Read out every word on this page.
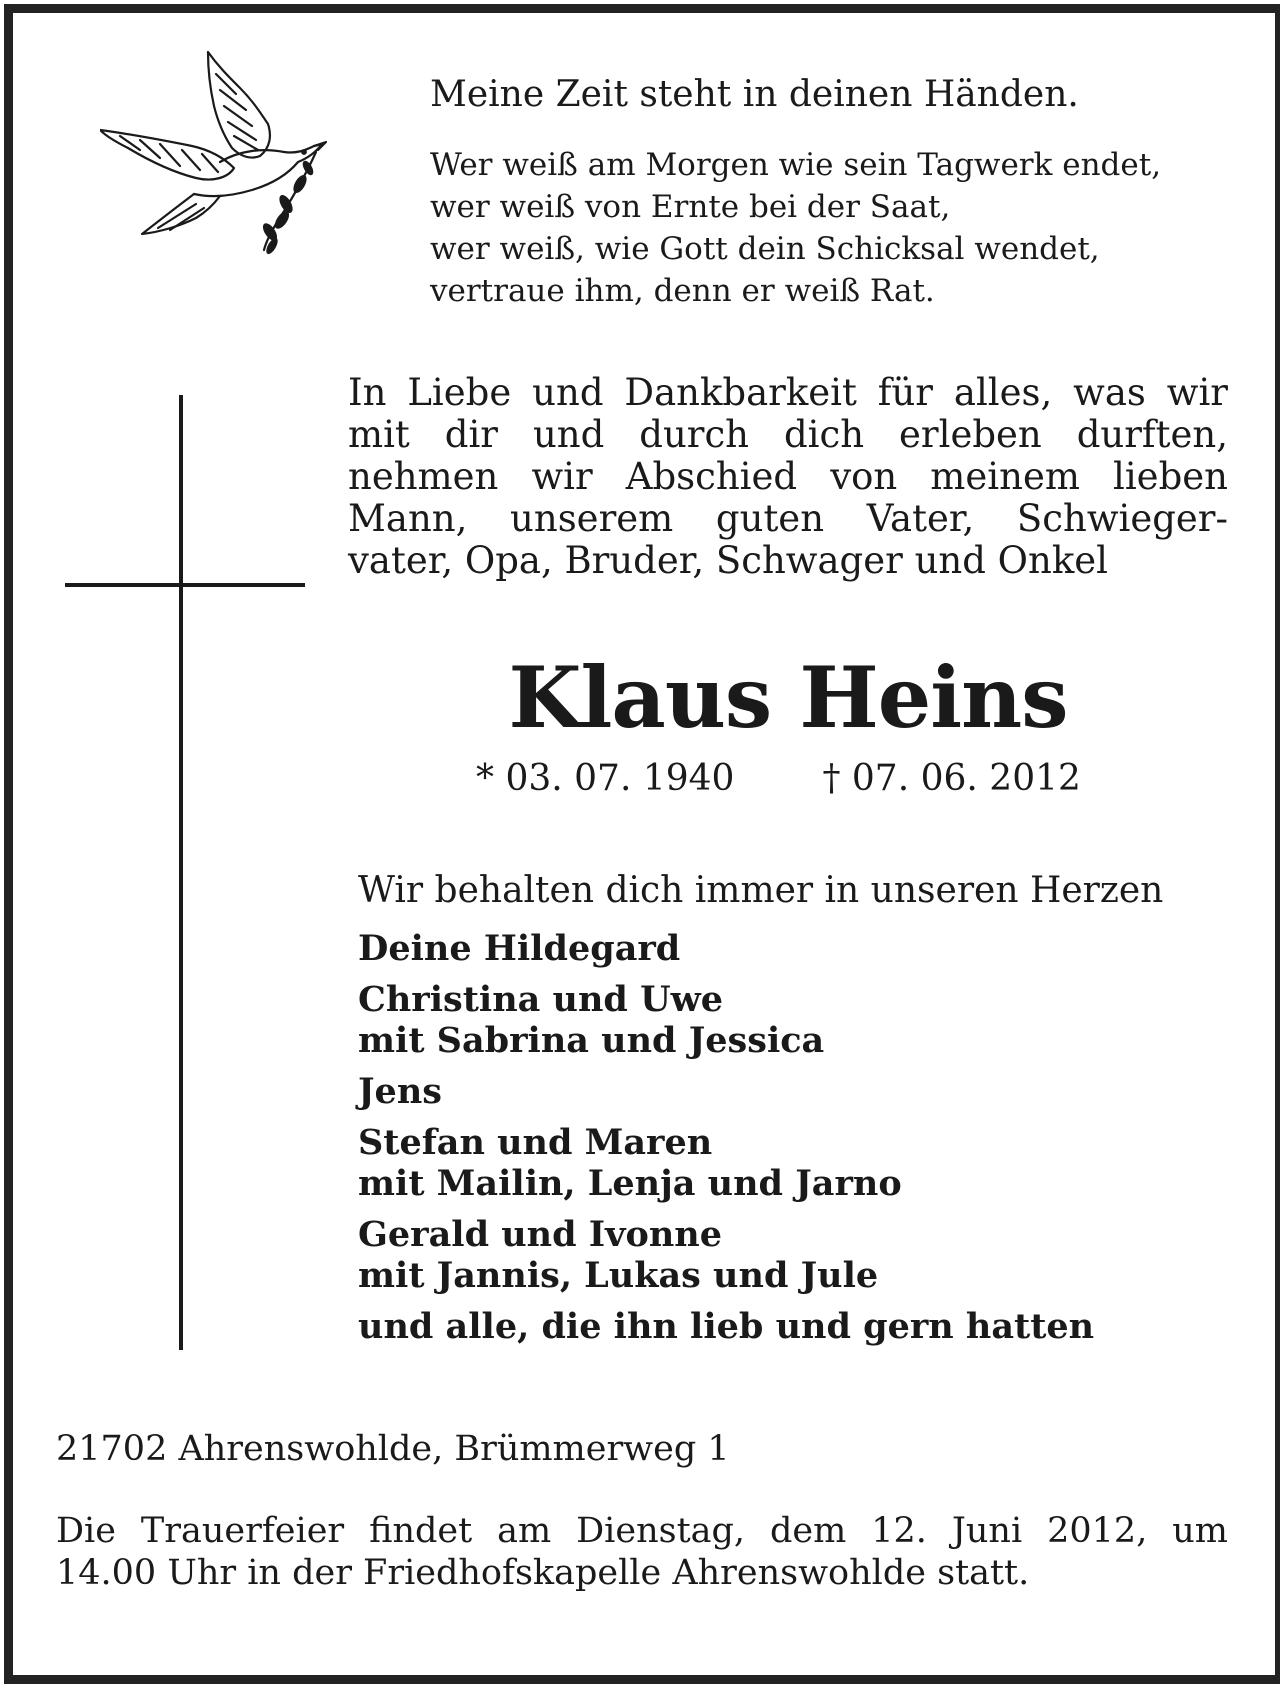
Meine Zeit steht in deinen Händen.
Wer weiß am Morgen wie sein Tagwerk endet,
wer weiß von Ernte bei der Saat,
wer weiß, wie Gott dein Schicksal wendet,
vertraue ihm, denn er weiß Rat.
In Liebe und Dankbarkeit für alles, was wir
mit dir und durch dich erleben durften,
nehmen wir Abschied von meinem lieben
Mann, unserem guten Vater, Schwieger-
vater, Opa, Bruder, Schwager und Onkel
Klaus Heins
* 03. 07. 1940 † 07. 06. 2012
Wir behalten dich immer in unseren Herzen
Deine Hildegard
Christina und Uwe
mit Sabrina und Jessica
Jens
Stefan und Maren
mit Mailin, Lenja und Jarno
Gerald und Ivonne
mit Jannis, Lukas und Jule
und alle, die ihn lieb und gern hatten
21702 Ahrenswohlde, Brümmerweg 1
Die Trauerfeier findet am Dienstag, dem 12. Juni 2012, um
14.00 Uhr in der Friedhofskapelle Ahrenswohlde statt.
